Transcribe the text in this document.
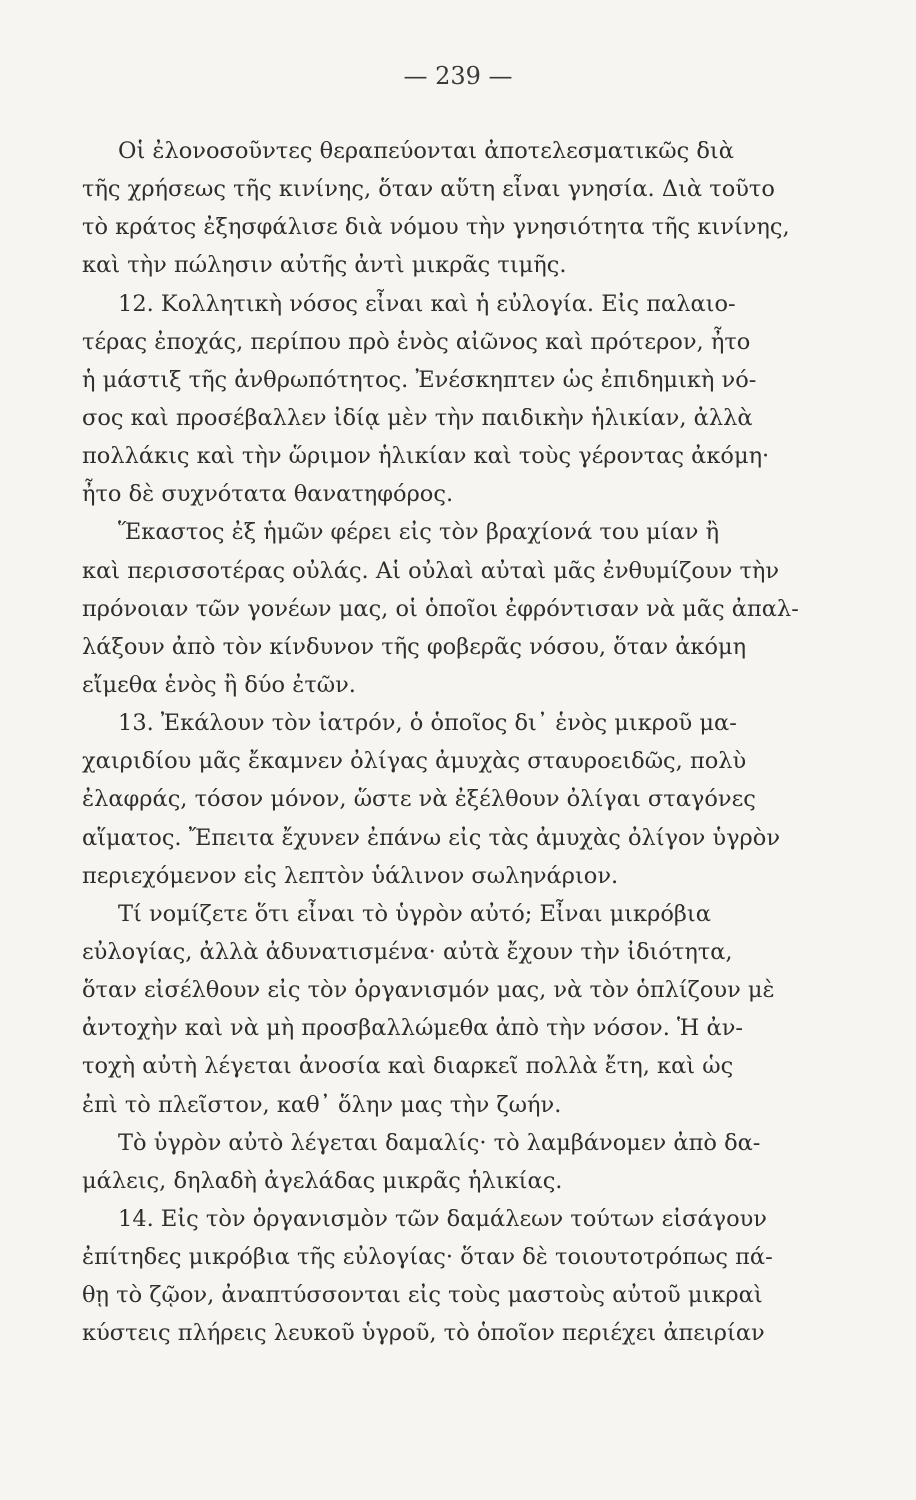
— 239 —

Οἱ ἐλονοσοῦντες θεραπεύονται ἀποτελεσματικῶς διὰ
τῆς χρήσεως τῆς κινίνης, ὅταν αὕτη εἶναι γνησία. Διὰ τοῦτο
τὸ κράτος ἐξησφάλισε διὰ νόμου τὴν γνησιότητα τῆς κινίνης,
καὶ τὴν πώλησιν αὐτῆς ἀντὶ μικρᾶς τιμῆς.
12. Κολλητικὴ νόσος εἶναι καὶ ἡ εὐλογία. Εἰς παλαιο-
τέρας ἐποχάς, περίπου πρὸ ἑνὸς αἰῶνος καὶ πρότερον, ἦτο
ἡ μάστιξ τῆς ἀνθρωπότητος. Ἐνέσκηπτεν ὡς ἐπιδημικὴ νό-
σος καὶ προσέβαλλεν ἰδίᾳ μὲν τὴν παιδικὴν ἡλικίαν, ἀλλὰ
πολλάκις καὶ τὴν ὥριμον ἡλικίαν καὶ τοὺς γέροντας ἀκόμη·
ἦτο δὲ συχνότατα θανατηφόρος.
Ἕκαστος ἐξ ἡμῶν φέρει εἰς τὸν βραχίονά του μίαν ἢ
καὶ περισσοτέρας οὐλάς. Αἱ οὐλαὶ αὐταὶ μᾶς ἐνθυμίζουν τὴν
πρόνοιαν τῶν γονέων μας, οἱ ὁποῖοι ἐφρόντισαν νὰ μᾶς ἀπαλ-
λάξουν ἀπὸ τὸν κίνδυνον τῆς φοβερᾶς νόσου, ὅταν ἀκόμη
εἴμεθα ἑνὸς ἢ δύο ἐτῶν.
13. Ἐκάλουν τὸν ἰατρόν, ὁ ὁποῖος δι᾽ ἑνὸς μικροῦ μα-
χαιριδίου μᾶς ἔκαμνεν ὀλίγας ἀμυχὰς σταυροειδῶς, πολὺ
ἐλαφράς, τόσον μόνον, ὥστε νὰ ἐξέλθουν ὀλίγαι σταγόνες
αἵματος. Ἔπειτα ἔχυνεν ἐπάνω εἰς τὰς ἀμυχὰς ὀλίγον ὑγρὸν
περιεχόμενον εἰς λεπτὸν ὑάλινον σωληνάριον.
Τί νομίζετε ὅτι εἶναι τὸ ὑγρὸν αὐτό; Εἶναι μικρόβια
εὐλογίας, ἀλλὰ ἀδυνατισμένα· αὐτὰ ἔχουν τὴν ἰδιότητα,
ὅταν εἰσέλθουν εἰς τὸν ὀργανισμόν μας, νὰ τὸν ὁπλίζουν μὲ
ἀντοχὴν καὶ νὰ μὴ προσβαλλώμεθα ἀπὸ τὴν νόσον. Ἡ ἀν-
τοχὴ αὐτὴ λέγεται ἀνοσία καὶ διαρκεῖ πολλὰ ἔτη, καὶ ὡς
ἐπὶ τὸ πλεῖστον, καθ᾽ ὅλην μας τὴν ζωήν.
Τὸ ὑγρὸν αὐτὸ λέγεται δαμαλίς· τὸ λαμβάνομεν ἀπὸ δα-
μάλεις, δηλαδὴ ἀγελάδας μικρᾶς ἡλικίας.
14. Εἰς τὸν ὀργανισμὸν τῶν δαμάλεων τούτων εἰσάγουν
ἐπίτηδες μικρόβια τῆς εὐλογίας· ὅταν δὲ τοιουτοτρόπως πά-
θῃ τὸ ζῷον, ἀναπτύσσονται εἰς τοὺς μαστοὺς αὐτοῦ μικραὶ
κύστεις πλήρεις λευκοῦ ὑγροῦ, τὸ ὁποῖον περιέχει ἀπειρίαν
